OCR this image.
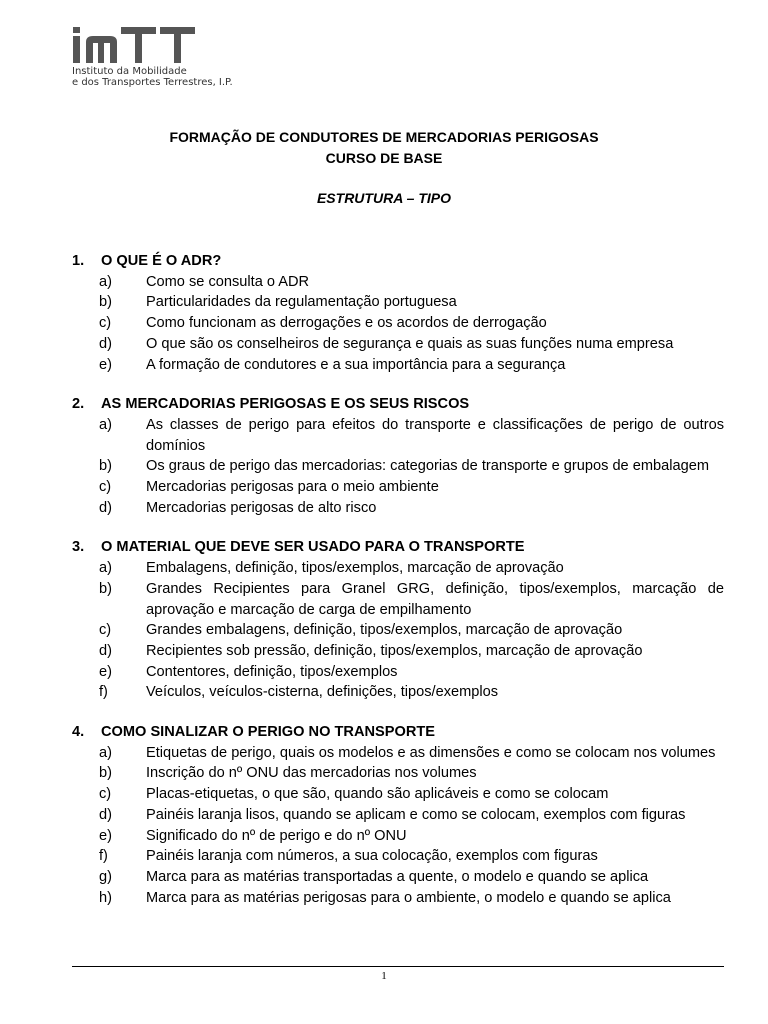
Instituto da Mobilidade
e dos Transportes Terrestres, I.P.

FORMAÇÃO DE CONDUTORES DE MERCADORIAS PERIGOSAS

CURSO DE BASE

ESTRUTURA – TIPO
1.	O QUE É O ADR?
a)	Como se consulta o ADR
b)	Particularidades da regulamentação portuguesa
c)	Como funcionam as derrogações e os acordos de derrogação
d)	O que são os conselheiros de segurança e quais as suas funções numa empresa
e)	A formação de condutores e a sua importância para a segurança
2.	AS MERCADORIAS PERIGOSAS E OS SEUS RISCOS
a)	As classes de perigo para efeitos do transporte e classificações de perigo de outros domínios
b)	Os graus de perigo das mercadorias: categorias de transporte e grupos de embalagem
c)	Mercadorias perigosas para o meio ambiente
d)	Mercadorias perigosas de alto risco
3.	O MATERIAL QUE DEVE SER USADO PARA O TRANSPORTE
a)	Embalagens, definição, tipos/exemplos, marcação de aprovação
b)	Grandes Recipientes para Granel GRG, definição, tipos/exemplos, marcação de aprovação e marcação de carga de empilhamento
c)	Grandes embalagens, definição, tipos/exemplos, marcação de aprovação
d)	Recipientes sob pressão, definição, tipos/exemplos, marcação de aprovação
e)	Contentores, definição, tipos/exemplos
f)	Veículos, veículos-cisterna, definições, tipos/exemplos
4.	COMO SINALIZAR O PERIGO NO TRANSPORTE
a)	Etiquetas de perigo, quais os modelos e as dimensões e como se colocam nos volumes
b)	Inscrição do nº ONU das mercadorias nos volumes
c)	Placas-etiquetas, o que são, quando são aplicáveis e como se colocam
d)	Painéis laranja lisos, quando se aplicam e como se colocam, exemplos com figuras
e)	Significado do nº de perigo e do nº ONU
f)	Painéis laranja com números, a sua colocação, exemplos com figuras
g)	Marca para as matérias transportadas a quente, o modelo e quando se aplica
h)	Marca para as matérias perigosas para o ambiente, o modelo e quando se aplica
1
